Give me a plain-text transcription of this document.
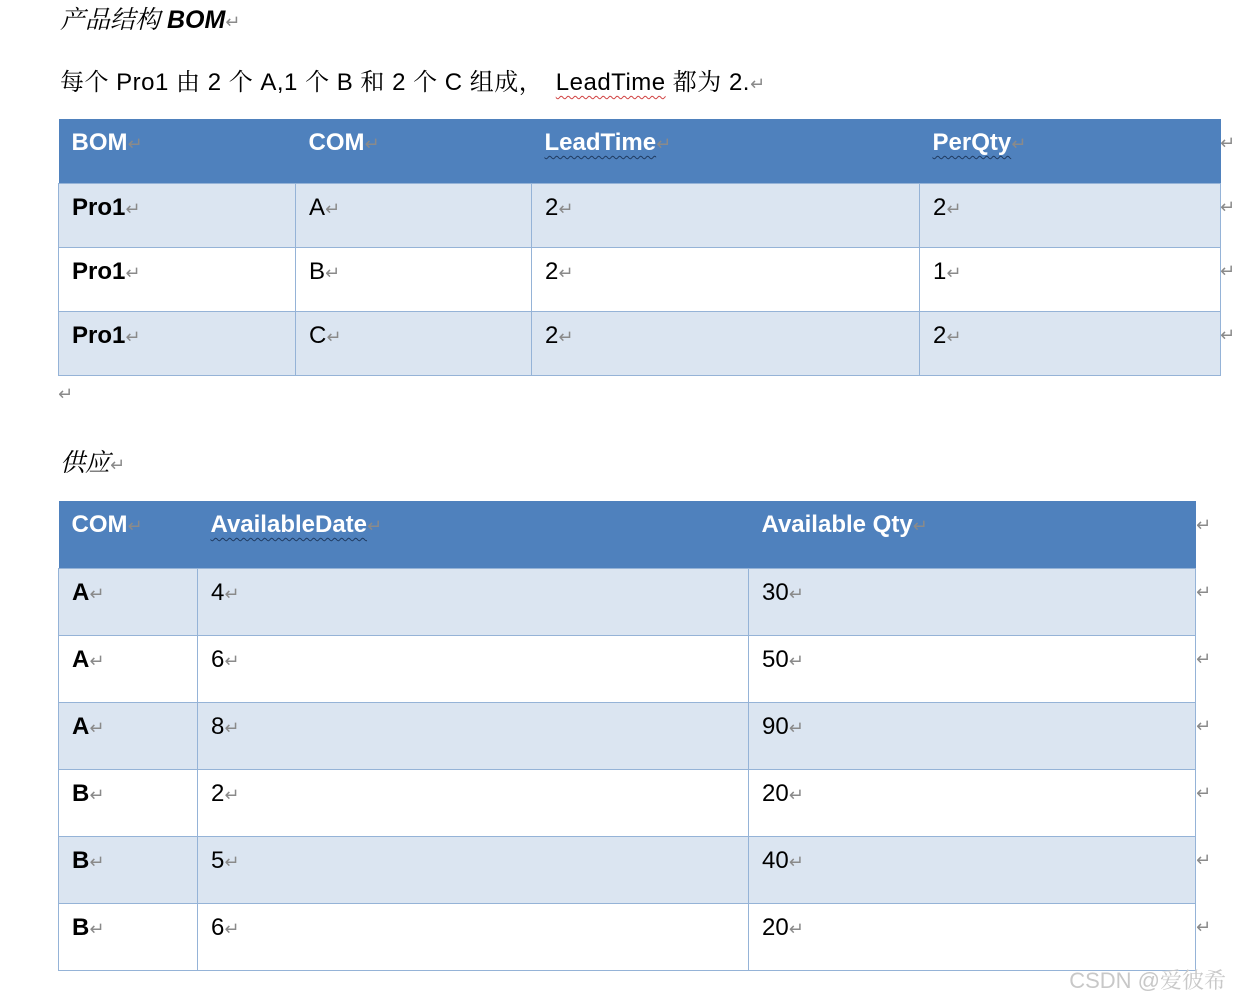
产品结构 BOM↵
每个 Pro1 由 2 个 A,1 个 B 和 2 个 C 组成，　LeadTime 都为 2.↵
BOM↵	COM↵	LeadTime↵	PerQty↵
Pro1↵	A↵	2↵	2↵
Pro1↵	B↵	2↵	1↵
Pro1↵	C↵	2↵	2↵
↵
↵
↵
↵
↵
供应↵
COM↵	AvailableDate↵	Available Qty↵
A↵	4↵	30↵
A↵	6↵	50↵
A↵	8↵	90↵
B↵	2↵	20↵
B↵	5↵	40↵
B↵	6↵	20↵
↵
↵
↵
↵
↵
↵
↵
CSDN @爱彼希
